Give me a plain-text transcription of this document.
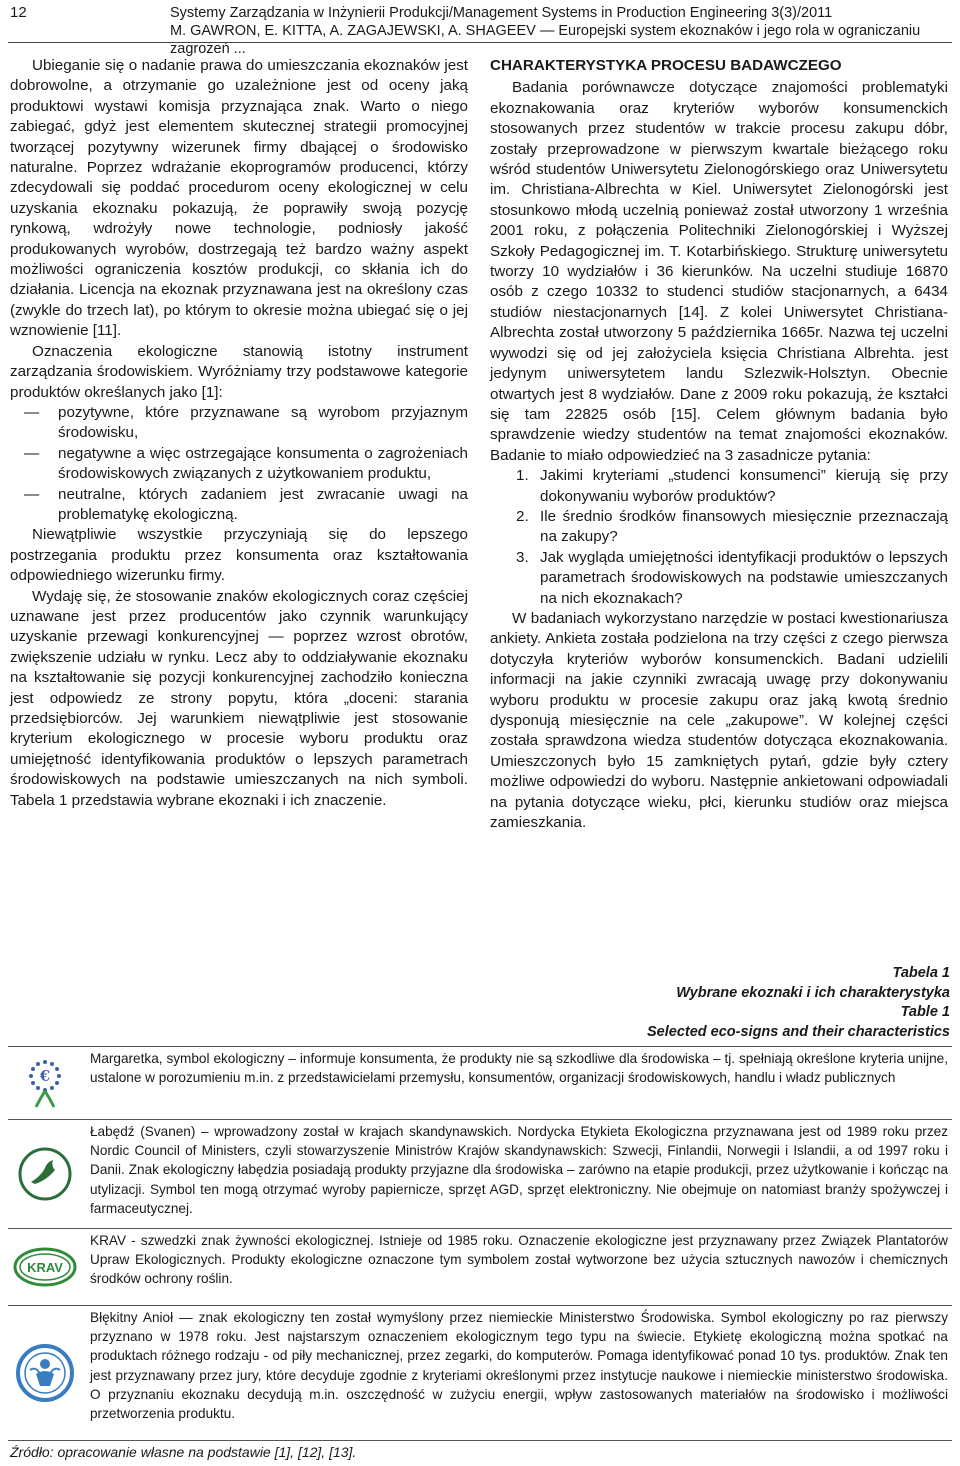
12	Systemy Zarządzania w Inżynierii Produkcji/Management Systems in Production Engineering 3(3)/2011
M. GAWRON, E. KITTA, A. ZAGAJEWSKI, A. SHAGEEV — Europejski system ekoznaków i jego rola w ograniczaniu zagrożeń ...

Ubieganie się o nadanie prawa do umieszczania ekoznaków jest dobrowolne, a otrzymanie go uzależnione jest od oceny jaką produktowi wystawi komisja przyznająca znak. Warto o niego zabiegać, gdyż jest elementem skutecznej strategii promocyjnej tworzącej pozytywny wizerunek firmy dbającej o środowisko naturalne. Poprzez wdrażanie ekoprogramów producenci, którzy zdecydowali się poddać procedurom oceny ekologicznej w celu uzyskania ekoznaku pokazują, że poprawiły swoją pozycję rynkową, wdrożyły nowe technologie, podniosły jakość produkowanych wyrobów, dostrzegają też bardzo ważny aspekt możliwości ograniczenia kosztów produkcji, co skłania ich do działania. Licencja na ekoznak przyznawana jest na określony czas (zwykle do trzech lat), po którym to okresie można ubiegać się o jej wznowienie [11].

Oznaczenia ekologiczne stanowią istotny instrument zarządzania środowiskiem. Wyróżniamy trzy podstawowe kategorie produktów określanych jako [1]:

— pozytywne, które przyznawane są wyrobom przyjaznym środowisku,
— negatywne a więc ostrzegające konsumenta o zagrożeniach środowiskowych związanych z użytkowaniem produktu,
— neutralne, których zadaniem jest zwracanie uwagi na problematykę ekologiczną.

Niewątpliwie wszystkie przyczyniają się do lepszego postrzegania produktu przez konsumenta oraz kształtowania odpowiedniego wizerunku firmy.

Wydaję się, że stosowanie znaków ekologicznych coraz częściej uznawane jest przez producentów jako czynnik warunkujący uzyskanie przewagi konkurencyjnej — poprzez wzrost obrotów, zwiększenie udziału w rynku. Lecz aby to oddziaływanie ekoznaku na kształtowanie się pozycji konkurencyjnej zachodziło konieczna jest odpowiedz ze strony popytu, która „doceni: starania przedsiębiorców. Jej warunkiem niewątpliwie jest stosowanie kryterium ekologicznego w procesie wyboru produktu oraz umiejętność identyfikowania produktów o lepszych parametrach środowiskowych na podstawie umieszczanych na nich symboli. Tabela 1 przedstawia wybrane ekoznaki i ich znaczenie.

CHARAKTERYSTYKA PROCESU BADAWCZEGO

Badania porównawcze dotyczące znajomości problematyki ekoznakowania oraz kryteriów wyborów konsumenckich stosowanych przez studentów w trakcie procesu zakupu dóbr, zostały przeprowadzone w pierwszym kwartale bieżącego roku wśród studentów Uniwersytetu Zielonogórskiego oraz Uniwersytetu im. Christiana-Albrechta w Kiel. Uniwersytet Zielonogórski jest stosunkowo młodą uczelnią ponieważ został utworzony 1 września 2001 roku, z połączenia Politechniki Zielonogórskiej i Wyższej Szkoły Pedagogicznej im. T. Kotarbińskiego. Strukturę uniwersytetu tworzy 10 wydziałów i 36 kierunków. Na uczelni studiuje 16870 osób z czego 10332 to studenci studiów stacjonarnych, a 6434 studiów niestacjonarnych [14]. Z kolei Uniwersytet Christiana-Albrechta został utworzony 5 października 1665r. Nazwa tej uczelni wywodzi się od jej założyciela księcia Christiana Albrehta. jest jedynym uniwersytetem landu Szlezwik-Holsztyn. Obecnie otwartych jest 8 wydziałów. Dane z 2009 roku pokazują, że kształci się tam 22825 osób [15]. Celem głównym badania było sprawdzenie wiedzy studentów na temat znajomości ekoznaków. Badanie to miało odpowiedzieć na 3 zasadnicze pytania:

1. Jakimi kryteriami „studenci konsumenci” kierują się przy dokonywaniu wyborów produktów?
2. Ile średnio środków finansowych miesięcznie przeznaczają na zakupy?
3. Jak wygląda umiejętności identyfikacji produktów o lepszych parametrach środowiskowych na podstawie umieszczanych na nich ekoznakach?

W badaniach wykorzystano narzędzie w postaci kwestionariusza ankiety. Ankieta została podzielona na trzy części z czego pierwsza dotyczyła kryteriów wyborów konsumenckich. Badani udzielili informacji na jakie czynniki zwracają uwagę przy dokonywaniu wyboru produktu w procesie zakupu oraz jaką kwotą średnio dysponują miesięcznie na cele „zakupowe”. W kolejnej części została sprawdzona wiedza studentów dotycząca ekoznakowania. Umieszczonych było 15 zamkniętych pytań, gdzie były cztery możliwe odpowiedzi do wyboru. Następnie ankietowani odpowiadali na pytania dotyczące wieku, płci, kierunku studiów oraz miejsca zamieszkania.

Tabela 1
Wybrane ekoznaki i ich charakterystyka
Table 1
Selected eco-signs and their characteristics
€
Margaretka, symbol ekologiczny – informuje konsumenta, że produkty nie są szkodliwe dla środowiska – tj. spełniają określone kryteria unijne, ustalone w porozumieniu m.in. z przedstawicielami przemysłu, konsumentów, organizacji środowiskowych, handlu i władz publicznych
Łabędź (Svanen) – wprowadzony został w krajach skandynawskich. Nordycka Etykieta Ekologiczna przyznawana jest od 1989 roku przez Nordic Council of Ministers, czyli stowarzyszenie Ministrów Krajów skandynawskich: Szwecji, Finlandii, Norwegii i Islandii, a od 1997 roku i Danii. Znak ekologiczny łabędzia posiadają produkty przyjazne dla środowiska – zarówno na etapie produkcji, przez użytkowanie i kończąc na utylizacji. Symbol ten mogą otrzymać wyroby papiernicze, sprzęt AGD, sprzęt elektroniczny. Nie obejmuje on natomiast branży spożywczej i farmaceutycznej.
KRAV
KRAV - szwedzki znak żywności ekologicznej. Istnieje od 1985 roku. Oznaczenie ekologiczne jest przyznawany przez Związek Plantatorów Upraw Ekologicznych. Produkty ekologiczne oznaczone tym symbolem został wytworzone bez użycia sztucznych nawozów i chemicznych środków ochrony roślin.
Błękitny Anioł — znak ekologiczny ten został wymyślony przez niemieckie Ministerstwo Środowiska. Symbol ekologiczny po raz pierwszy przyznano w 1978 roku. Jest najstarszym oznaczeniem ekologicznym tego typu na świecie. Etykietę ekologiczną można spotkać na produktach różnego rodzaju - od piły mechanicznej, przez zegarki, do komputerów. Pomaga identyfikować ponad 10 tys. produktów. Znak ten jest przyznawany przez jury, które decyduje zgodnie z kryteriami określonymi przez instytucje naukowe i niemieckie ministerstwo środowiska. O przyznaniu ekoznaku decydują m.in. oszczędność w zużyciu energii, wpływ zastosowanych materiałów na środowisko i możliwości przetworzenia produktu.
Źródło: opracowanie własne na podstawie [1], [12], [13].
